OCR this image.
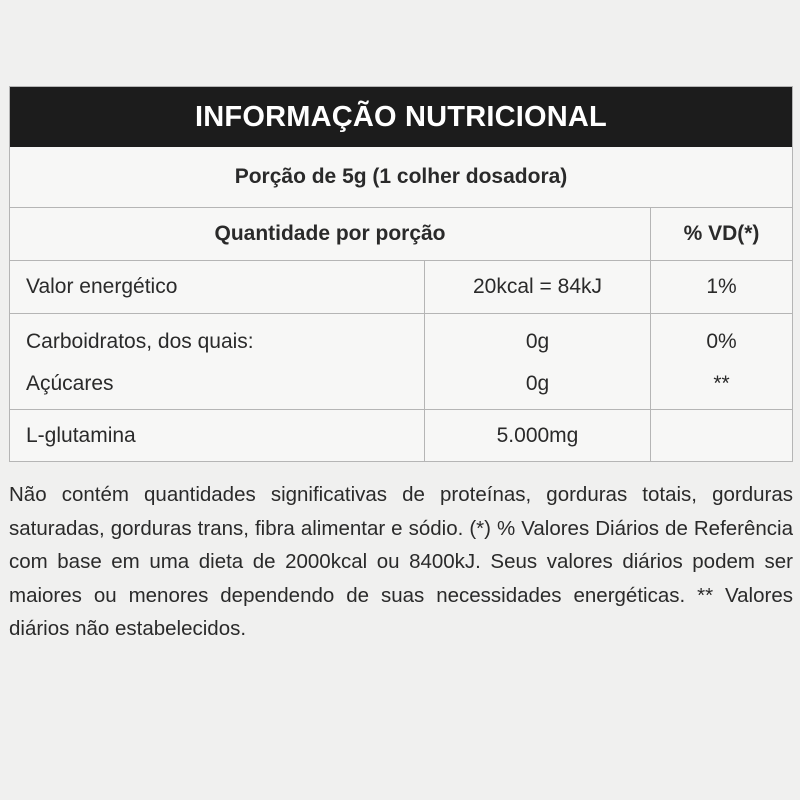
INFORMAÇÃO NUTRICIONAL
Porção de 5g (1 colher dosadora)
Quantidade por porção	% VD(*)
Valor energético	20kcal = 84kJ	1%
Carboidratos, dos quais:	0g	0%
Açúcares	0g	**
L-glutamina	5.000mg
Não contém quantidades significativas de proteínas, gorduras totais, gorduras saturadas, gorduras trans, fibra alimentar e sódio. (*) % Valores Diários de Referência com base em uma dieta de 2000kcal ou 8400kJ. Seus valores diários podem ser maiores ou menores dependendo de suas necessidades energéticas. ** Valores diários não estabelecidos.
